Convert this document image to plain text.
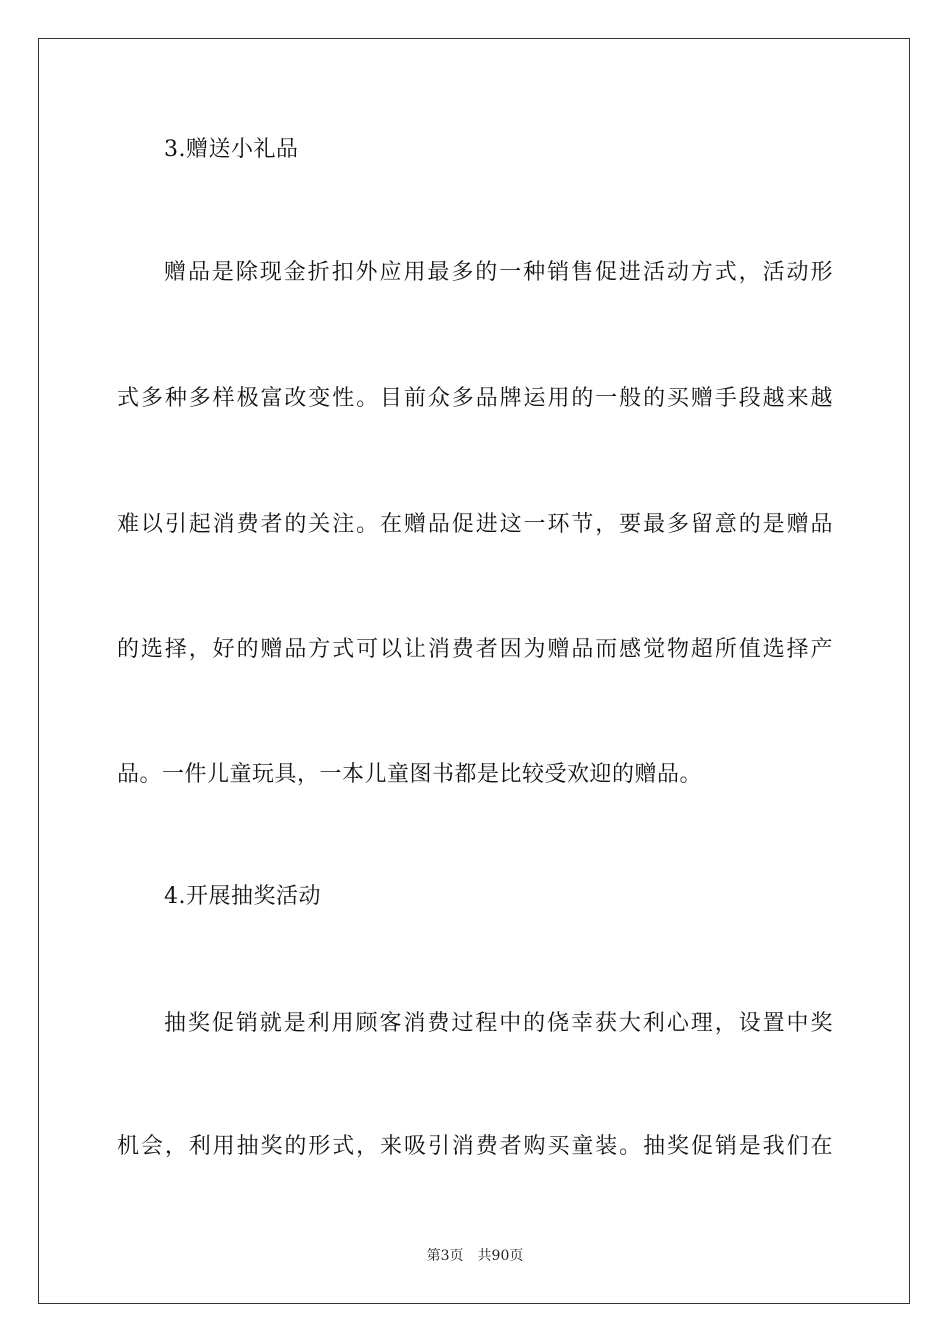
3.赠送小礼品
赠品是除现金折扣外应用最多的一种销售促进活动方式，活动形
式多种多样极富改变性。目前众多品牌运用的一般的买赠手段越来越
难以引起消费者的关注。在赠品促进这一环节，要最多留意的是赠品
的选择，好的赠品方式可以让消费者因为赠品而感觉物超所值选择产
品。一件儿童玩具，一本儿童图书都是比较受欢迎的赠品。
4.开展抽奖活动
抽奖促销就是利用顾客消费过程中的侥幸获大利心理，设置中奖
机会，利用抽奖的形式，来吸引消费者购买童装。抽奖促销是我们在
第3页 共90页
